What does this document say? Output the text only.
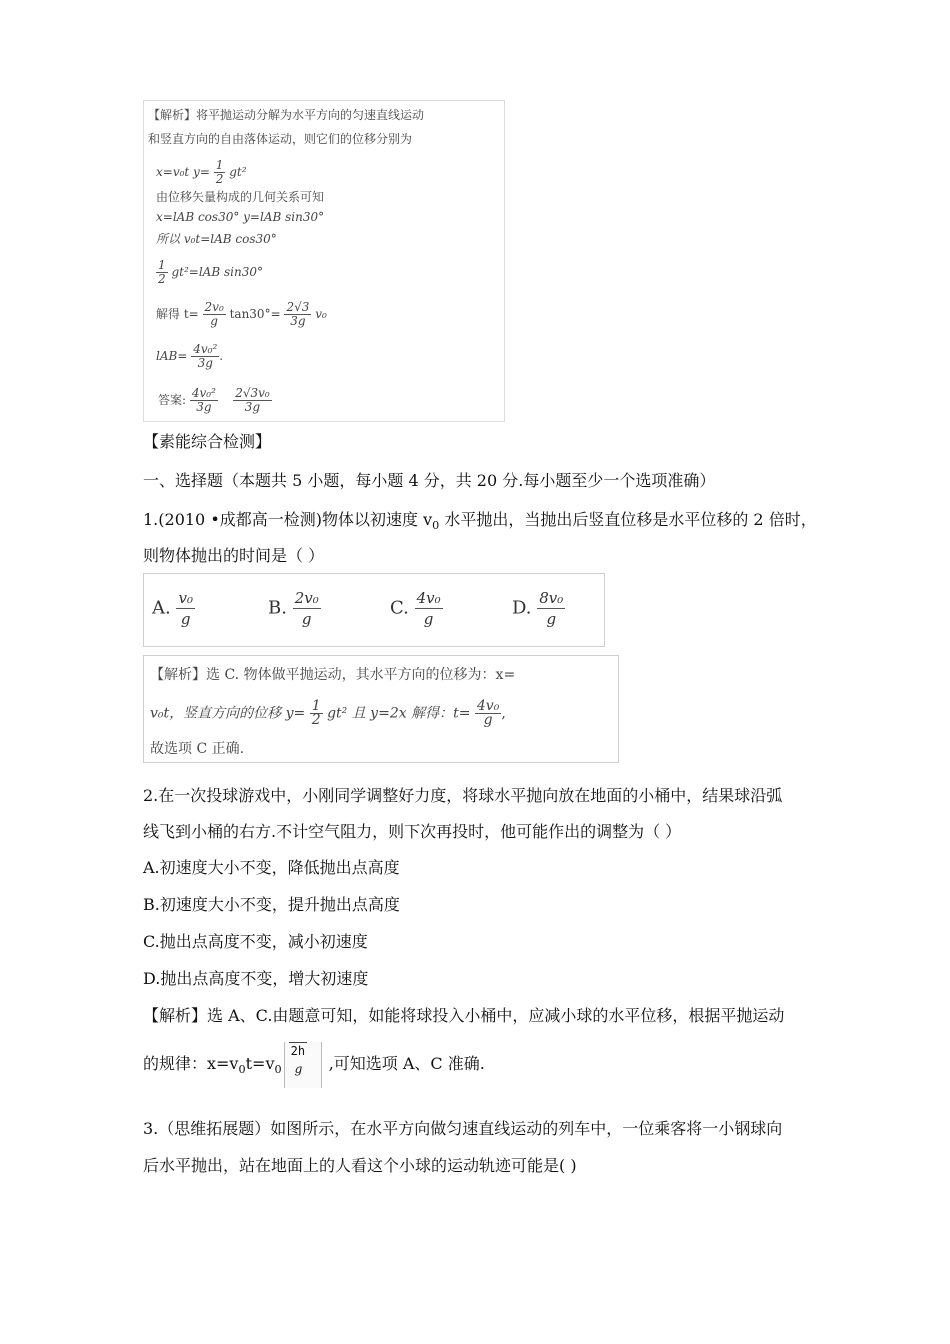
【解析】将平抛运动分解为水平方向的匀速直线运动
和竖直方向的自由落体运动，则它们的位移分别为
x=v₀t $y= \frac{1}{2} gt^2$
由位移矢量构成的几何关系可知
x=lAB cos30° y=lAB sin30°
所以 v₀t=lAB cos30°
$\frac{1}{2} gt^2=lAB$ sin30°
解得 $t= \frac{\text{2v₀}}{g} \tan 30^\circ= \frac{2√3}{3g} v_0$
$lAB= \frac{\text{4v₀²}}{3g}$ .
答案: $\frac{\text{4v₀²}}{3g}$
$\frac{\text{2√3v₀}}{3g}$
【素能综合检测】
一、选择题（本题共 5 小题，每小题 4 分，共 20 分.每小题至少一个选项准确）
1.(2010 •成都高一检测)物体以初速度 $v_0$ 水平抛出，当抛出后竖直位移是水平位移的 2 倍时，
则物体抛出的时间是（ ）
A. $\frac{\text{v₀}}{g}$	B. $\frac{\text{2v₀}}{g}$	C. $\frac{\text{4v₀}}{g}$	D. $\frac{\text{8v₀}}{g}$
【解析】选 C. 物体做平抛运动，其水平方向的位移为：x=
v₀t，竖直方向的位移 $y= \frac{1}{2} gt^2$ 且 y=2x 解得：$t= \frac{\text{4v₀}}{g}$ ,
故选项 C 正确.
2.在一次投球游戏中，小刚同学调整好力度，将球水平抛向放在地面的小桶中，结果球沿弧
线飞到小桶的右方.不计空气阻力，则下次再投时，他可能作出的调整为（ ）
A.初速度大小不变，降低抛出点高度
B.初速度大小不变，提升抛出点高度
C.抛出点高度不变，减小初速度
D.抛出点高度不变，增大初速度
【解析】选 A、C.由题意可知，如能将球投入小桶中，应减小球的水平位移，根据平抛运动
的规律：$x=v_0t=v_0$
2h
g ,可知选项 A、C 准确.
3.（思维拓展题）如图所示，在水平方向做匀速直线运动的列车中，一位乘客将一小钢球向
后水平抛出，站在地面上的人看这个小球的运动轨迹可能是( )
